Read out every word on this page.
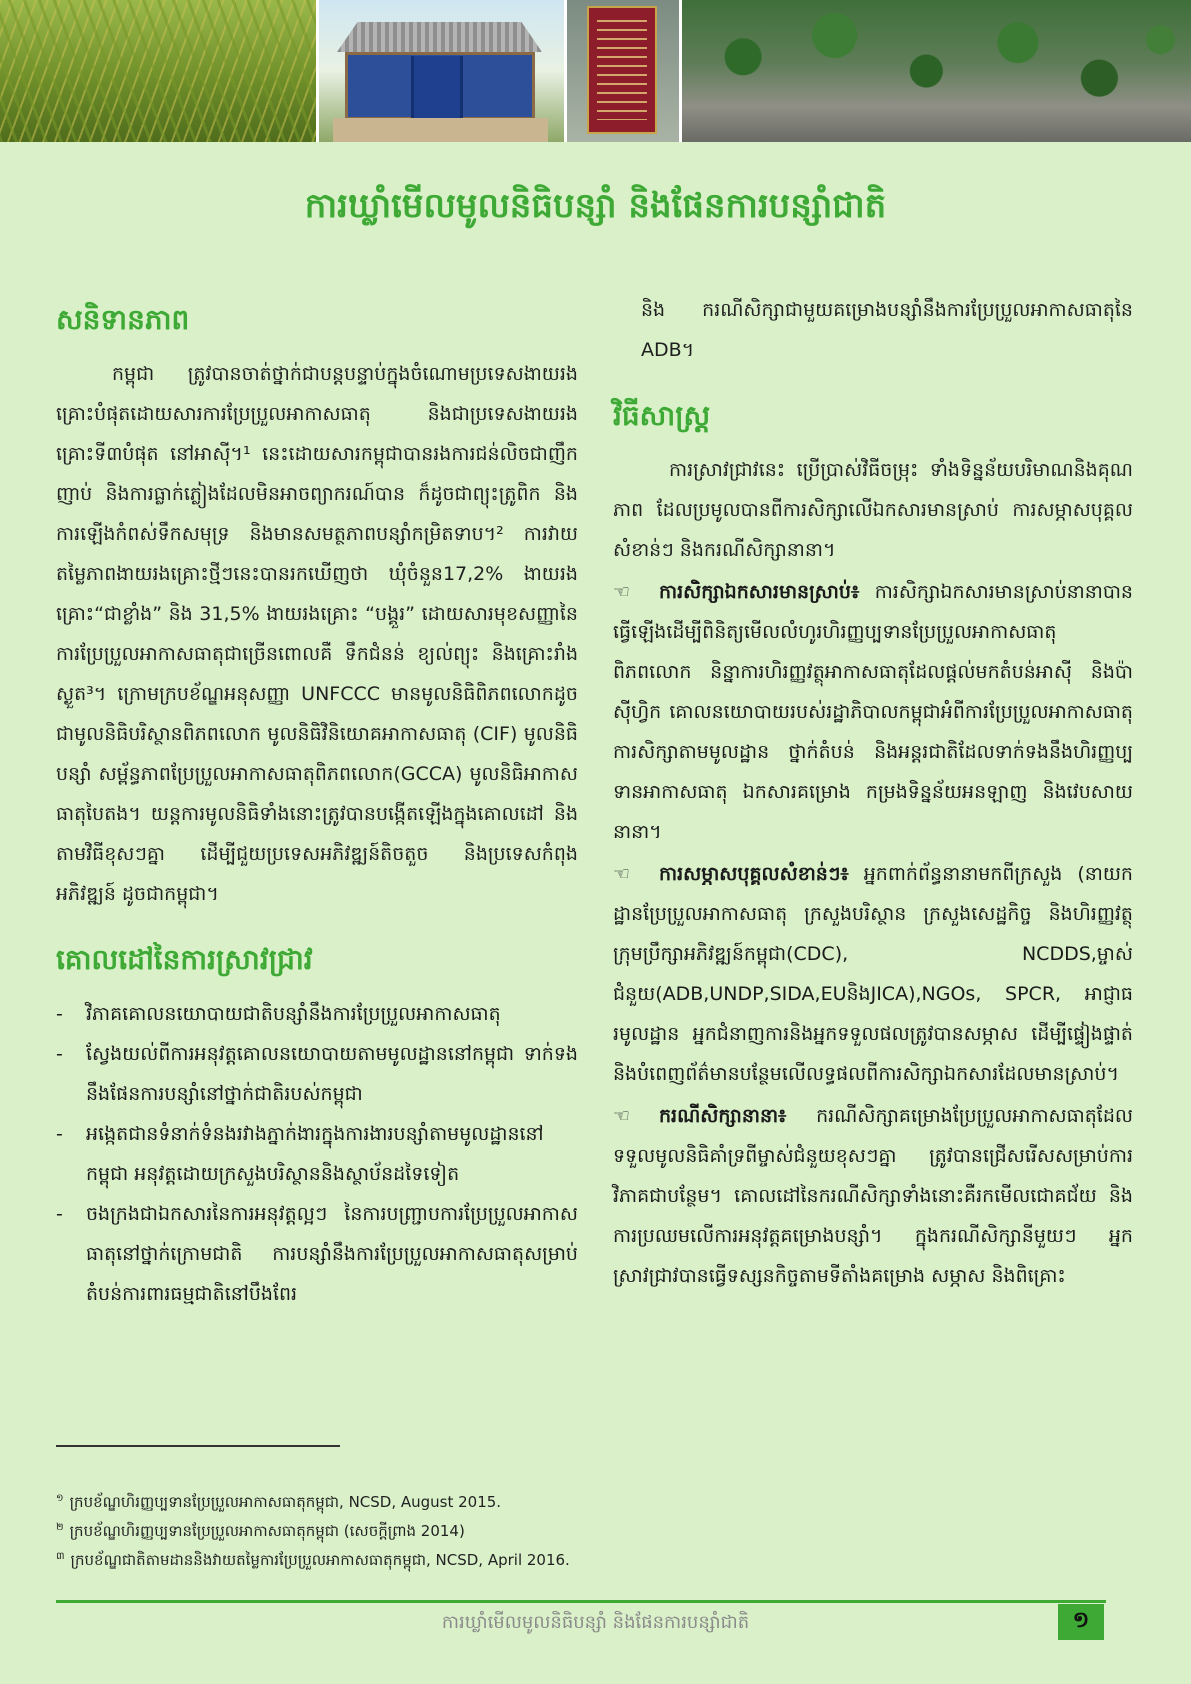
ការឃ្លាំមើលមូលនិធិបន្សាំ និងផែនការបន្សាំជាតិ
សនិទានភាព

កម្ពុជា ត្រូវបានចាត់ថ្នាក់ជាបន្តបន្ទាប់ក្នុងចំណោមប្រទេសងាយរងគ្រោះបំផុតដោយសារការប្រែប្រួលអាកាសធាតុ និងជាប្រទេសងាយរងគ្រោះទី៣បំផុត នៅអាស៊ី។¹ នេះដោយសារកម្ពុជាបានរងការជន់លិចជាញឹកញាប់ និងការធ្លាក់ភ្លៀងដែលមិនអាចព្យាករណ៍បាន ក៏ដូចជាព្យុះត្រូពិក និងការឡើងកំពស់ទឹកសមុទ្រ និងមានសមត្ថភាពបន្សាំកម្រិតទាប។² ការវាយតម្លៃភាពងាយរងគ្រោះថ្មីៗនេះបានរកឃើញថា ឃុំចំនួន17,2% ងាយរងគ្រោះ“ជាខ្លាំង” និង 31,5% ងាយរងគ្រោះ “បង្គួរ” ដោយសារមុខសញ្ញានៃការប្រែប្រួលអាកាសធាតុជាច្រើនពោលគឺ ទឹកជំនន់ ខ្យល់ព្យុះ និងគ្រោះរាំងស្ងួត³។ ក្រោមក្របខ័ណ្ឌអនុសញ្ញា UNFCCC មានមូលនិធិពិភពលោកដូចជាមូលនិធិបរិស្ថានពិភពលោក មូលនិធិវិនិយោគអាកាសធាតុ (CIF) មូលនិធិបន្សាំ សម្ព័ន្ធភាពប្រែប្រួលអាកាសធាតុពិភពលោក(GCCA) មូលនិធិអាកាសធាតុបៃតង។ យន្តការមូលនិធិទាំងនោះត្រូវបានបង្កើតឡើងក្នុងគោលដៅ និងតាមវិធីខុសៗគ្នា ដើម្បីជួយប្រទេសអភិវឌ្ឍន៍តិចតួច និងប្រទេសកំពុងអភិវឌ្ឍន៍ ដូចជាកម្ពុជា។

គោលដៅនៃការស្រាវជ្រាវ
- វិភាគគោលនយោបាយជាតិបន្សាំនឹងការប្រែប្រួលអាកាសធាតុ
- ស្វែងយល់ពីការអនុវត្តគោលនយោបាយតាមមូលដ្ឋាននៅកម្ពុជា ទាក់ទងនឹងផែនការបន្សាំនៅថ្នាក់ជាតិរបស់កម្ពុជា
- អង្កេតជានទំនាក់ទំនងរវាងភ្នាក់ងារក្នុងការងារបន្សាំតាមមូលដ្ឋាននៅកម្ពុជា អនុវត្តដោយក្រសួងបរិស្ថាននិងស្ថាប័នដទៃទៀត
- ចងក្រងជាឯកសារនៃការអនុវត្តល្អៗ នៃការបញ្ជ្រាបការប្រែប្រួលអាកាសធាតុនៅថ្នាក់ក្រោមជាតិ ការបន្សាំនឹងការប្រែប្រួលអាកាសធាតុសម្រាប់តំបន់ការពារធម្មជាតិនៅបឹងពែរ

និង ករណីសិក្សាជាមួយគម្រោងបន្សាំនឹងការប្រែប្រួលអាកាសធាតុនៃ ADB។

វិធីសាស្ត្រ

ការស្រាវជ្រាវនេះ ប្រើប្រាស់វិធីចម្រុះ ទាំងទិន្នន័យបរិមាណនិងគុណភាព ដែលប្រមូលបានពីការសិក្សាលើឯកសារមានស្រាប់ ការសម្ភាសបុគ្គលសំខាន់ៗ និងករណីសិក្សានានា។

☜ ការសិក្សាឯកសារមានស្រាប់៖ ការសិក្សាឯកសារមានស្រាប់នានាបានធ្វើឡើងដើម្បីពិនិត្យមើលលំហូរហិរញ្ញប្បទានប្រែប្រួលអាកាសធាតុពិភពលោក និន្នាការហិរញ្ញវត្ថុអាកាសធាតុដែលផ្តល់មកតំបន់អាស៊ី និងប៉ាស៊ីហ្វិក គោលនយោបាយរបស់រដ្ឋាភិបាលកម្ពុជាអំពីការប្រែប្រួលអាកាសធាតុ ការសិក្សាតាមមូលដ្ឋាន ថ្នាក់តំបន់ និងអន្តរជាតិដែលទាក់ទងនឹងហិរញ្ញប្បទានអាកាសធាតុ ឯកសារគម្រោង កម្រងទិន្នន័យអនឡាញ និងវេបសាយនានា។

☜ ការសម្ភាសបុគ្គលសំខាន់ៗ៖ អ្នកពាក់ព័ន្ធនានាមកពីក្រសួង (នាយកដ្ឋានប្រែប្រួលអាកាសធាតុ ក្រសួងបរិស្ថាន ក្រសួងសេដ្ឋកិច្ច និងហិរញ្ញវត្ថុ ក្រុមប្រឹក្សាអភិវឌ្ឍន៍កម្ពុជា(CDC), NCDDS,ម្ចាស់ជំនួយ(ADB,UNDP,SIDA,EUនិងJICA),NGOs, SPCR, អាជ្ញាធរមូលដ្ឋាន អ្នកជំនាញការនិងអ្នកទទួលផលត្រូវបានសម្ភាស ដើម្បីផ្ទៀងផ្ទាត់ និងបំពេញព័ត៌មានបន្ថែមលើលទ្ធផលពីការសិក្សាឯកសារដែលមានស្រាប់។

☜ ករណីសិក្សានានា៖ ករណីសិក្សាគម្រោងប្រែប្រួលអាកាសធាតុដែលទទួលមូលនិធិគាំទ្រពីម្ចាស់ជំនួយខុសៗគ្នា ត្រូវបានជ្រើសរើសសម្រាប់ការវិភាគជាបន្ថែម។ គោលដៅនៃករណីសិក្សាទាំងនោះគឺរកមើលជោគជ័យ និងការប្រឈមលើការអនុវត្តគម្រោងបន្សាំ។ ក្នុងករណីសិក្សានីមួយៗ អ្នកស្រាវជ្រាវបានធ្វើទស្សនកិច្ចតាមទីតាំងគម្រោង សម្ភាស និងពិគ្រោះ

$^១$ ក្របខ័ណ្ឌហិរញ្ញប្បទានប្រែប្រួលអាកាសធាតុកម្ពុជា, NCSD, August 2015.

$^២$ ក្របខ័ណ្ឌហិរញ្ញប្បទានប្រែប្រួលអាកាសធាតុកម្ពុជា (សេចក្តីព្រាង 2014)

$^៣$ ក្របខ័ណ្ឌជាតិតាមដាននិងវាយតម្លៃការប្រែប្រួលអាកាសធាតុកម្ពុជា, NCSD, April 2016.

ការឃ្លាំមើលមូលនិធិបន្សាំ និងផែនការបន្សាំជាតិ	១
